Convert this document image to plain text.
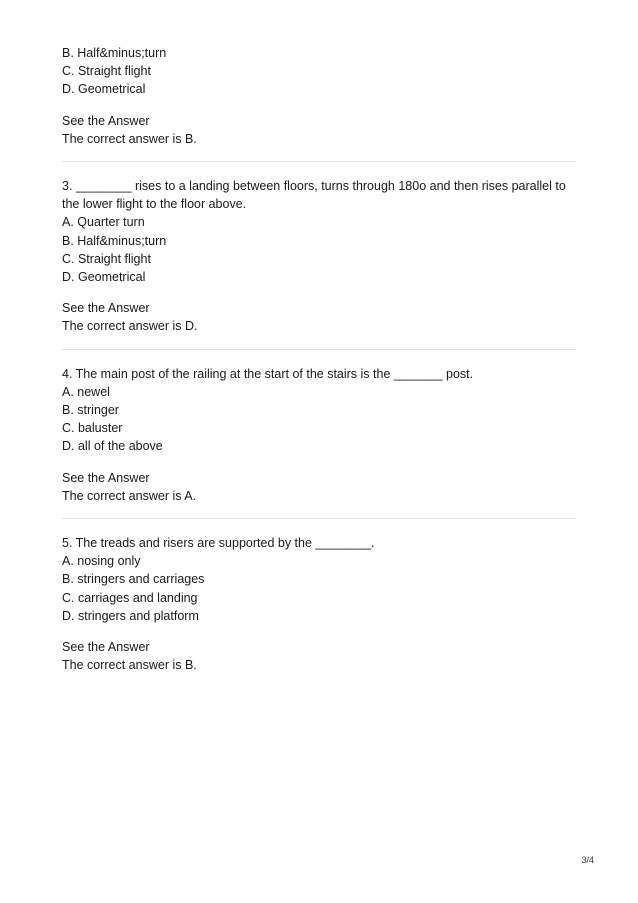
B. Half&minus;turn
C. Straight flight
D. Geometrical
See the Answer
The correct answer is B.
3. ________ rises to a landing between floors, turns through 180o and then rises parallel to the lower flight to the floor above.
A. Quarter turn
B. Half&minus;turn
C. Straight flight
D. Geometrical
See the Answer
The correct answer is D.
4. The main post of the railing at the start of the stairs is the _______ post.
A. newel
B. stringer
C. baluster
D. all of the above
See the Answer
The correct answer is A.
5. The treads and risers are supported by the ________.
A. nosing only
B. stringers and carriages
C. carriages and landing
D. stringers and platform
See the Answer
The correct answer is B.
3/4
